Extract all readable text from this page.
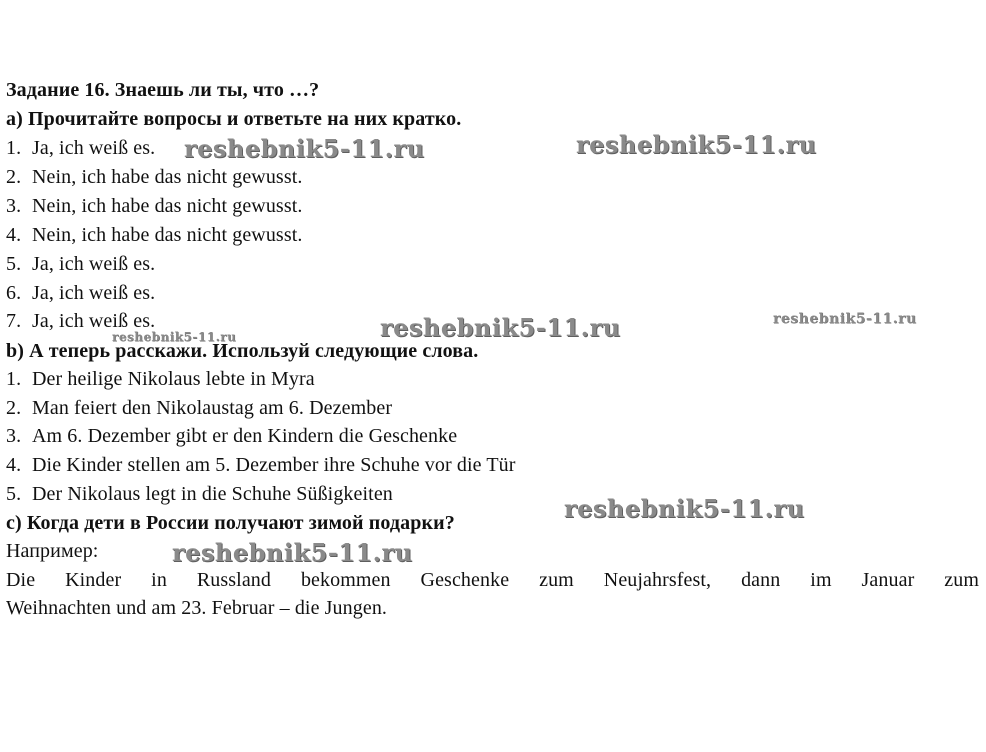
Задание 16. Знаешь ли ты, что …?
a) Прочитайте вопросы и ответьте на них кратко.
1. Ja, ich weiß es.
2. Nein, ich habe das nicht gewusst.
3. Nein, ich habe das nicht gewusst.
4. Nein, ich habe das nicht gewusst.
5. Ja, ich weiß es.
6. Ja, ich weiß es.
7. Ja, ich weiß es.
b) А теперь расскажи. Используй следующие слова.
1. Der heilige Nikolaus lebte in Myra
2. Man feiert den Nikolaustag am 6. Dezember
3. Am 6. Dezember gibt er den Kindern die Geschenke
4. Die Kinder stellen am 5. Dezember ihre Schuhe vor die Tür
5. Der Nikolaus legt in die Schuhe Süßigkeiten
c) Когда дети в России получают зимой подарки?
Например:
Die Kinder in Russland bekommen Geschenke zum Neujahrsfest, dann im Januar zum
Weihnachten und am 23. Februar – die Jungen.
reshebnik5-11.ru	reshebnik5-11.ru
reshebnik5-11.ru	reshebnik5-11.ru
reshebnik5-11.ru
reshebnik5-11.ru
reshebnik5-11.ru
